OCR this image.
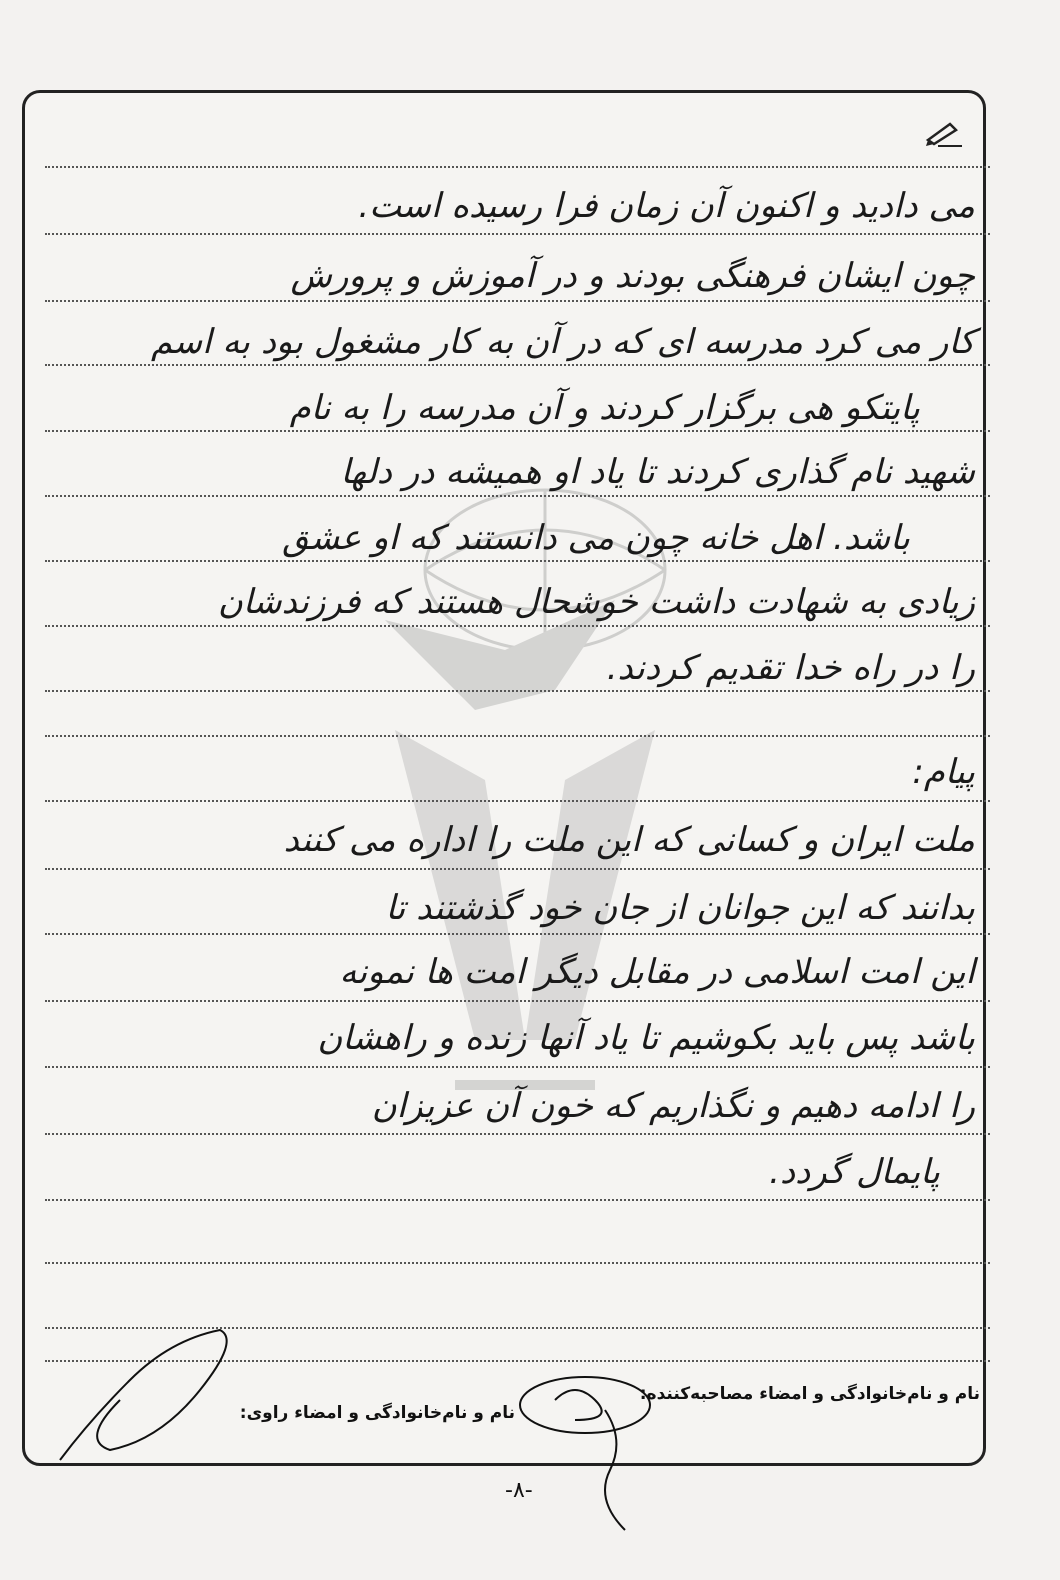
می دادید و اکنون آن زمان فرا رسیده است.
چون ایشان فرهنگی بودند و در آموزش و پرورش
کار می کرد مدرسه ای که در آن به کار مشغول بود به اسم
پایتکو هی برگزار کردند و آن مدرسه را به نام
شهید نام گذاری کردند تا یاد او همیشه در دلها
باشد. اهل خانه چون می دانستند که او عشق
زیادی به شهادت داشت خوشحال هستند که فرزندشان
را در راه خدا تقدیم کردند.
پیام:
ملت ایران و کسانی که این ملت را اداره می کنند
بدانند که این جوانان از جان خود گذشتند تا
این امت اسلامی در مقابل دیگر امت ها نمونه
باشد پس باید بکوشیم تا یاد آنها زنده و راهشان
را ادامه دهیم و نگذاریم که خون آن عزیزان
پایمال گردد.
نام و نام‌خانوادگی و امضاء مصاحبه‌کننده:
نام و نام‌خانوادگی و امضاء راوی:
-۸-
